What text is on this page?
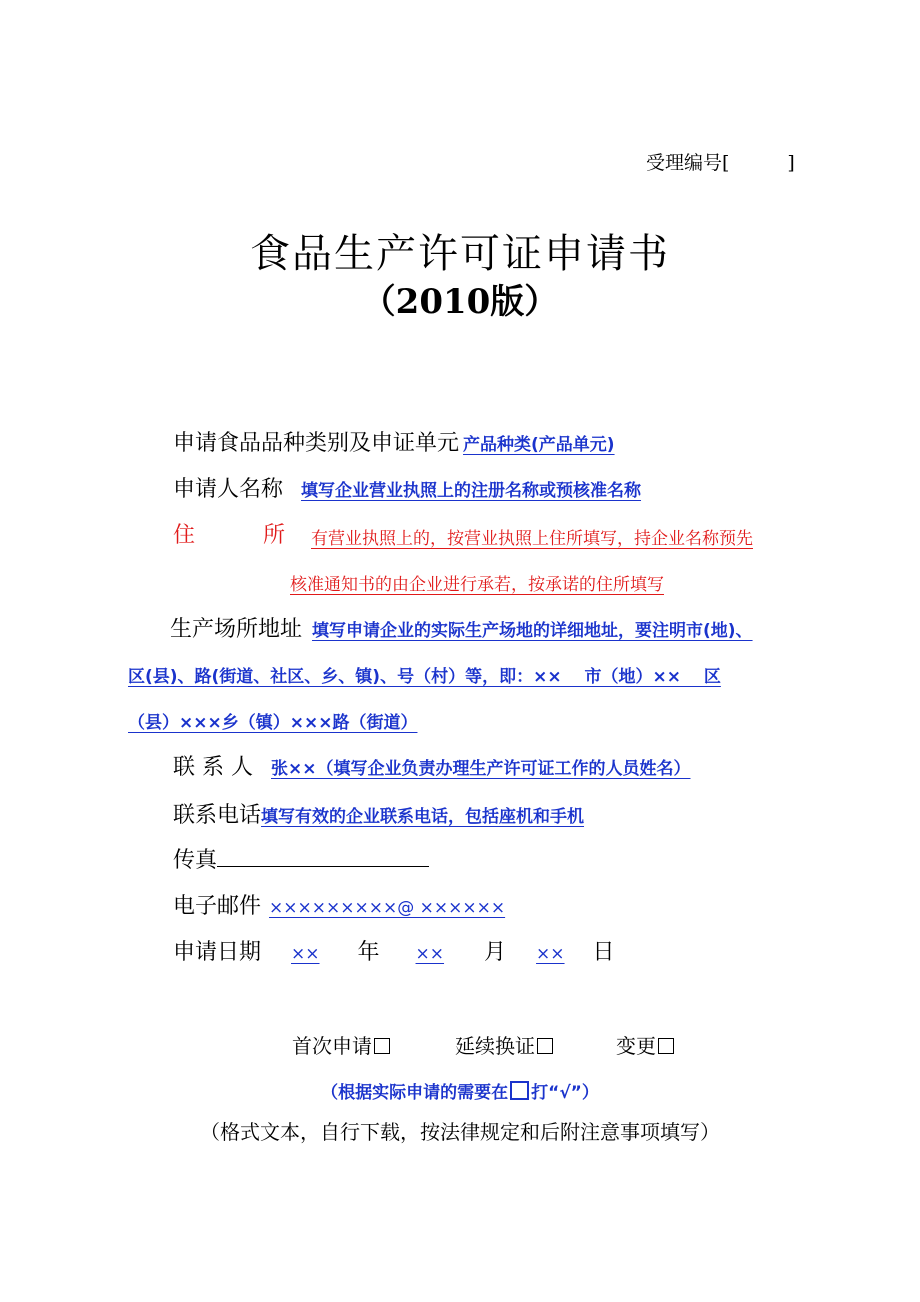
受理编号[	]
食品生产许可证申请书
（2010版）
申请食品品种类别及申证单元 产品种类(产品单元)
申请人名称 填写企业营业执照上的注册名称或预核准名称
住	所	有营业执照上的，按营业执照上住所填写，持企业名称预先
核准通知书的由企业进行承若，按承诺的住所填写
生产场所地址 填写申请企业的实际生产场地的详细地址，要注明市(地)、
区(县)、路(街道、社区、乡、镇)、号（村）等，即：××　 市（地）××　 区
（县）×××乡（镇）×××路（街道）
联 系 人 张××（填写企业负责办理生产许可证工作的人员姓名）
联系电话填写有效的企业联系电话，包括座机和手机
传真
电子邮件 ×××××××××@ ××××××
申请日期 ×× 年 ×× 月 ×× 日
首次申请	延续换证	变更
（根据实际申请的需要在 打“√”）
（格式文本，自行下载，按法律规定和后附注意事项填写）
